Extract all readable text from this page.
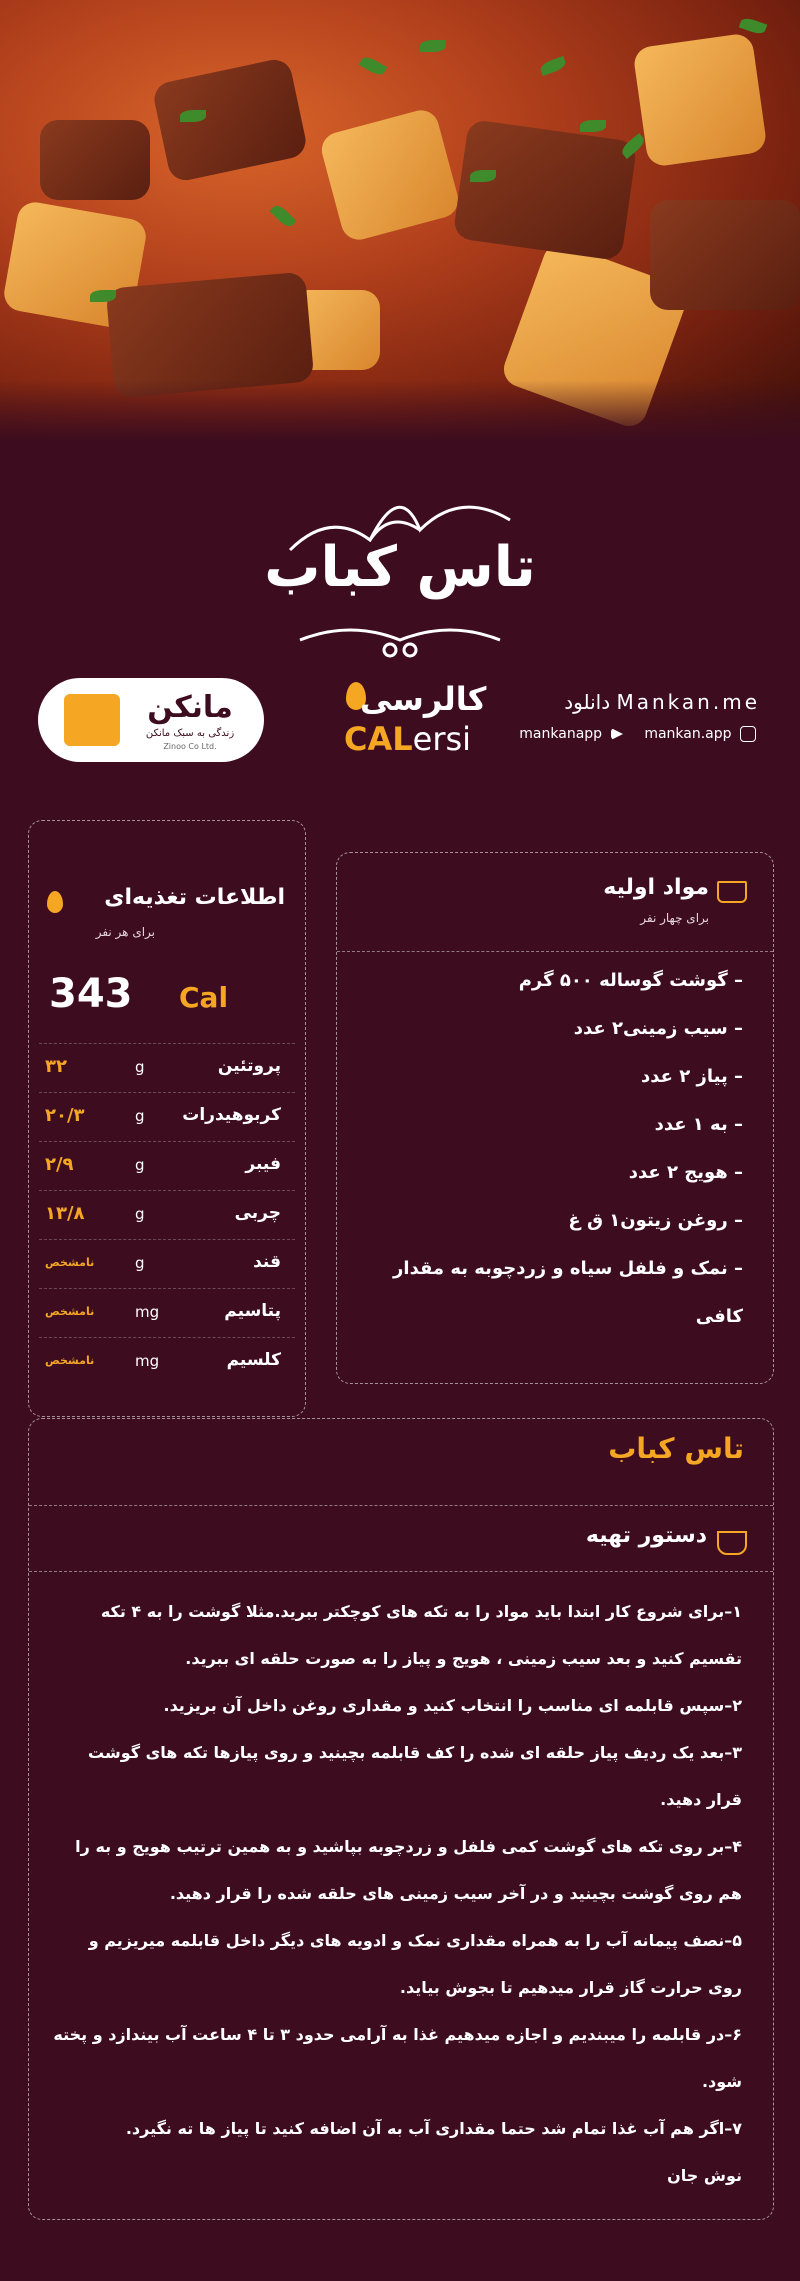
تاس کباب
مانکن
زندگی به سبک مانکن
Zinoo Co Ltd.
کالرسی
CALersi
دانلود Mankan.me
mankanapp	mankan.app
مواد اولیه
برای چهار نفر
– گوشت گوساله ۵۰۰ گرم
– سیب زمینی۲ عدد
– پیاز ۲ عدد
– به ۱ عدد
– هویج ۲ عدد
– روغن زیتون۱ ق غ
– نمک و فلفل سیاه و زردچوبه به مقدار کافی
اطلاعات تغذیه‌ای
برای هر نفر
343 Cal
پروتئین
g
۳۲
کربوهیدرات
g
۲۰/۳
فیبر
g
۲/۹
چربی
g
۱۳/۸
قند
g
نامشخص
پتاسیم
mg
نامشخص
کلسیم
mg
نامشخص
دستور تهیه
تاس کباب
۱–برای شروع کار ابتدا باید مواد را به تکه های کوچکتر ببرید.مثلا گوشت را به ۴ تکه تقسیم کنید و بعد سیب زمینی ، هویج و پیاز را به صورت حلقه ای ببرید.
۲–سپس قابلمه ای مناسب را انتخاب کنید و مقداری روغن داخل آن بریزید.
۳–بعد یک ردیف پیاز حلقه ای شده را کف قابلمه بچینید و روی پیازها تکه های گوشت قرار دهید.
۴–بر روی تکه های گوشت کمی فلفل و زردچوبه بپاشید و به همین ترتیب هویج و به را هم روی گوشت بچینید و در آخر سیب زمینی های حلقه شده را قرار دهید.
۵–نصف پیمانه آب را به همراه مقداری نمک و ادویه های دیگر داخل قابلمه میریزیم و روی حرارت گاز قرار میدهیم تا بجوش بیاید.
۶–در قابلمه را میبندیم و اجازه میدهیم غذا به آرامی حدود ۳ تا ۴ ساعت آب بیندازد و پخته شود.
۷–اگر هم آب غذا تمام شد حتما مقداری آب به آن اضافه کنید تا پیاز ها ته نگیرد.
نوش جان
